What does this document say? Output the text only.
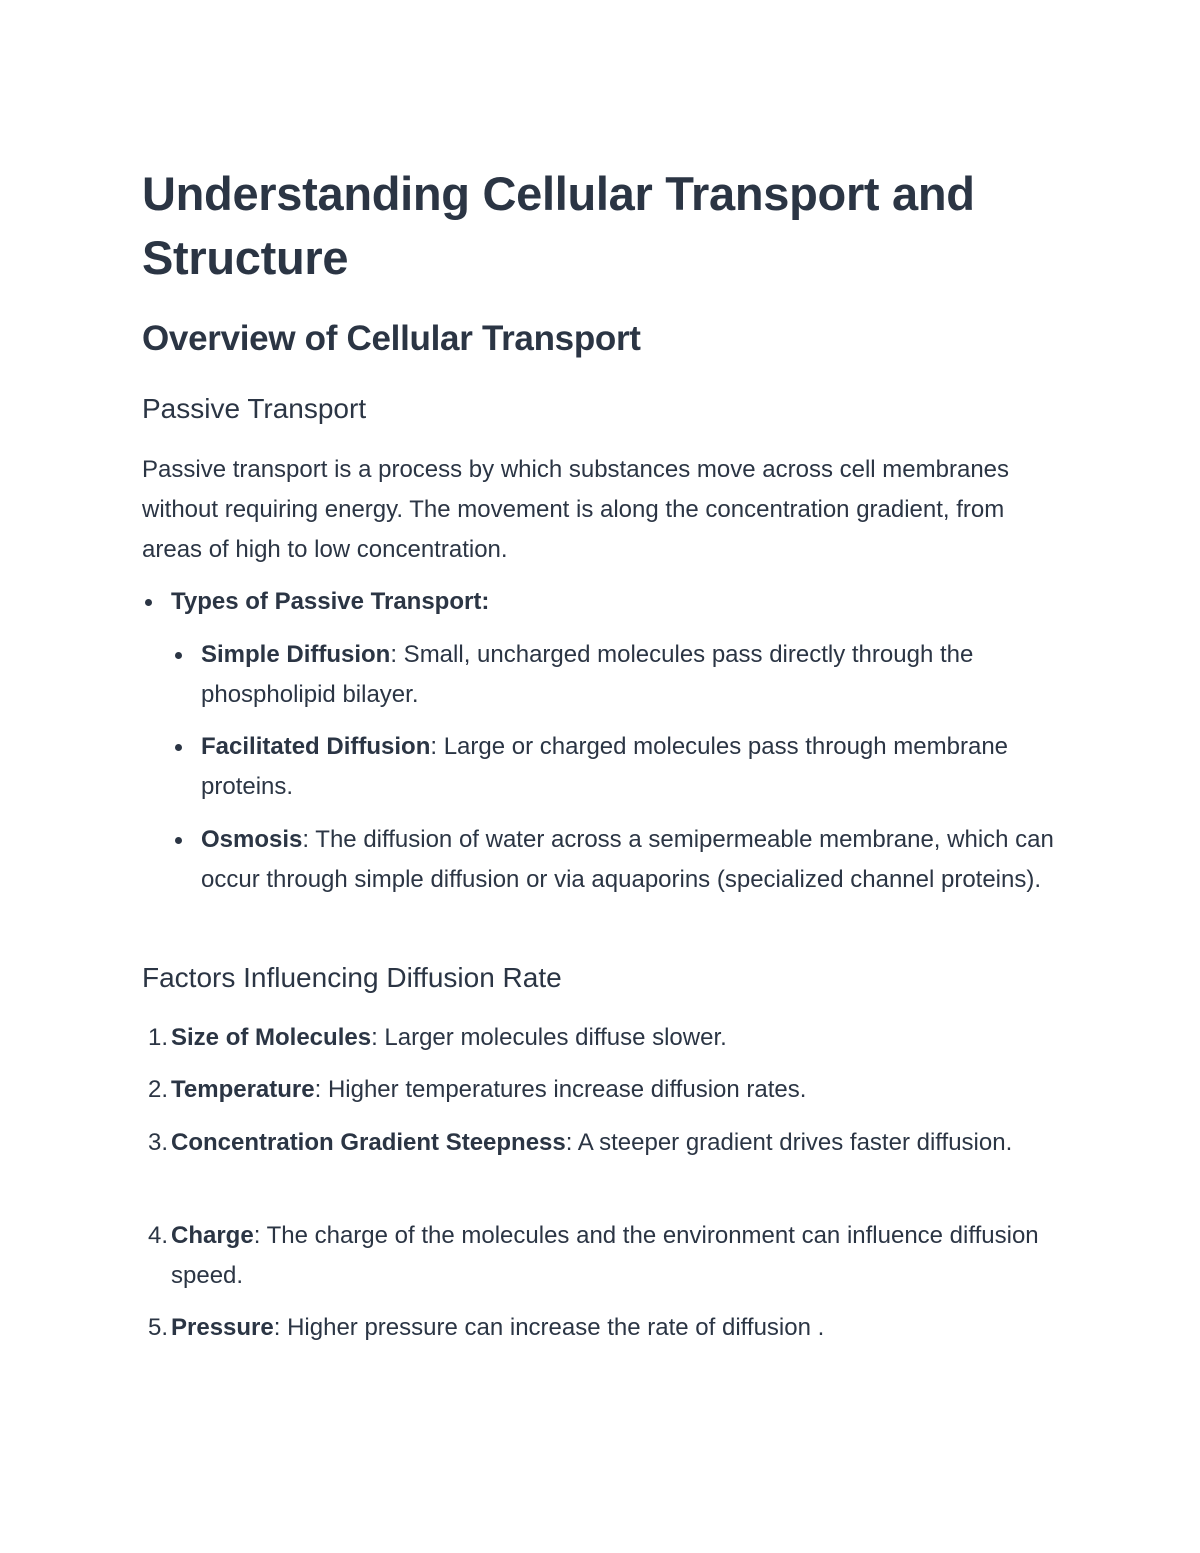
Understanding Cellular Transport and Structure
Overview of Cellular Transport
Passive Transport

Passive transport is a process by which substances move across cell membranes without requiring energy. The movement is along the concentration gradient, from areas of high to low concentration.

Types of Passive Transport:
Simple Diffusion: Small, uncharged molecules pass directly through the phospholipid bilayer.
Facilitated Diffusion: Large or charged molecules pass through membrane proteins.
Osmosis: The diffusion of water across a semipermeable membrane, which can occur through simple diffusion or via aquaporins (specialized channel proteins).
Factors Influencing Diffusion Rate
1. Size of Molecules: Larger molecules diffuse slower.
2. Temperature: Higher temperatures increase diffusion rates.
3. Concentration Gradient Steepness: A steeper gradient drives faster diffusion.
4. Charge: The charge of the molecules and the environment can influence diffusion speed.
5. Pressure: Higher pressure can increase the rate of diffusion .
